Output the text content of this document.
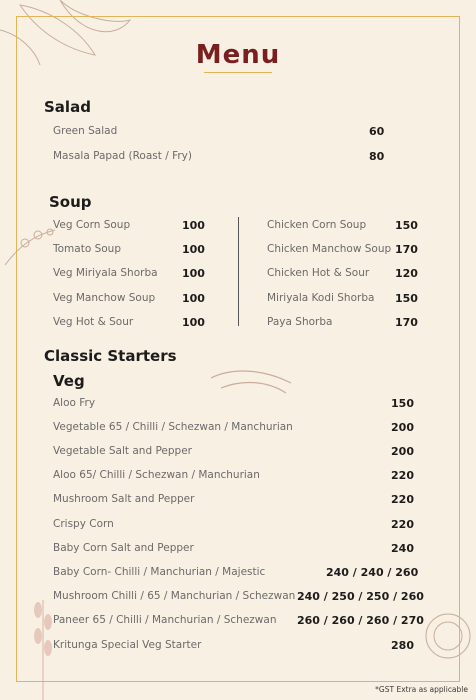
Menu
Salad
Green Salad	60
Masala Papad (Roast / Fry)	80
Soup
Veg Corn Soup	100
Tomato Soup	100
Veg Miriyala Shorba 100
Veg Manchow Soup 100
Veg Hot & Sour	100
Chicken Corn Soup	150
Chicken Manchow Soup 170
Chicken Hot & Sour 120
Miriyala Kodi Shorba 150
Paya Shorba	170
Classic Starters
Veg
Aloo Fry	150
Vegetable 65 / Chilli / Schezwan / Manchurian	200
Vegetable Salt and Pepper	200
Aloo 65/ Chilli / Schezwan / Manchurian	220
Mushroom Salt and Pepper	220
Crispy Corn	220
Baby Corn Salt and Pepper	240
Baby Corn- Chilli / Manchurian / Majestic	240 / 240 / 260
Mushroom Chilli / 65 / Manchurian / Schezwan 240 / 250 / 250 / 260
Paneer 65 / Chilli / Manchurian / Schezwan 260 / 260 / 260 / 270
Kritunga Special Veg Starter	280
*GST Extra as applicable
